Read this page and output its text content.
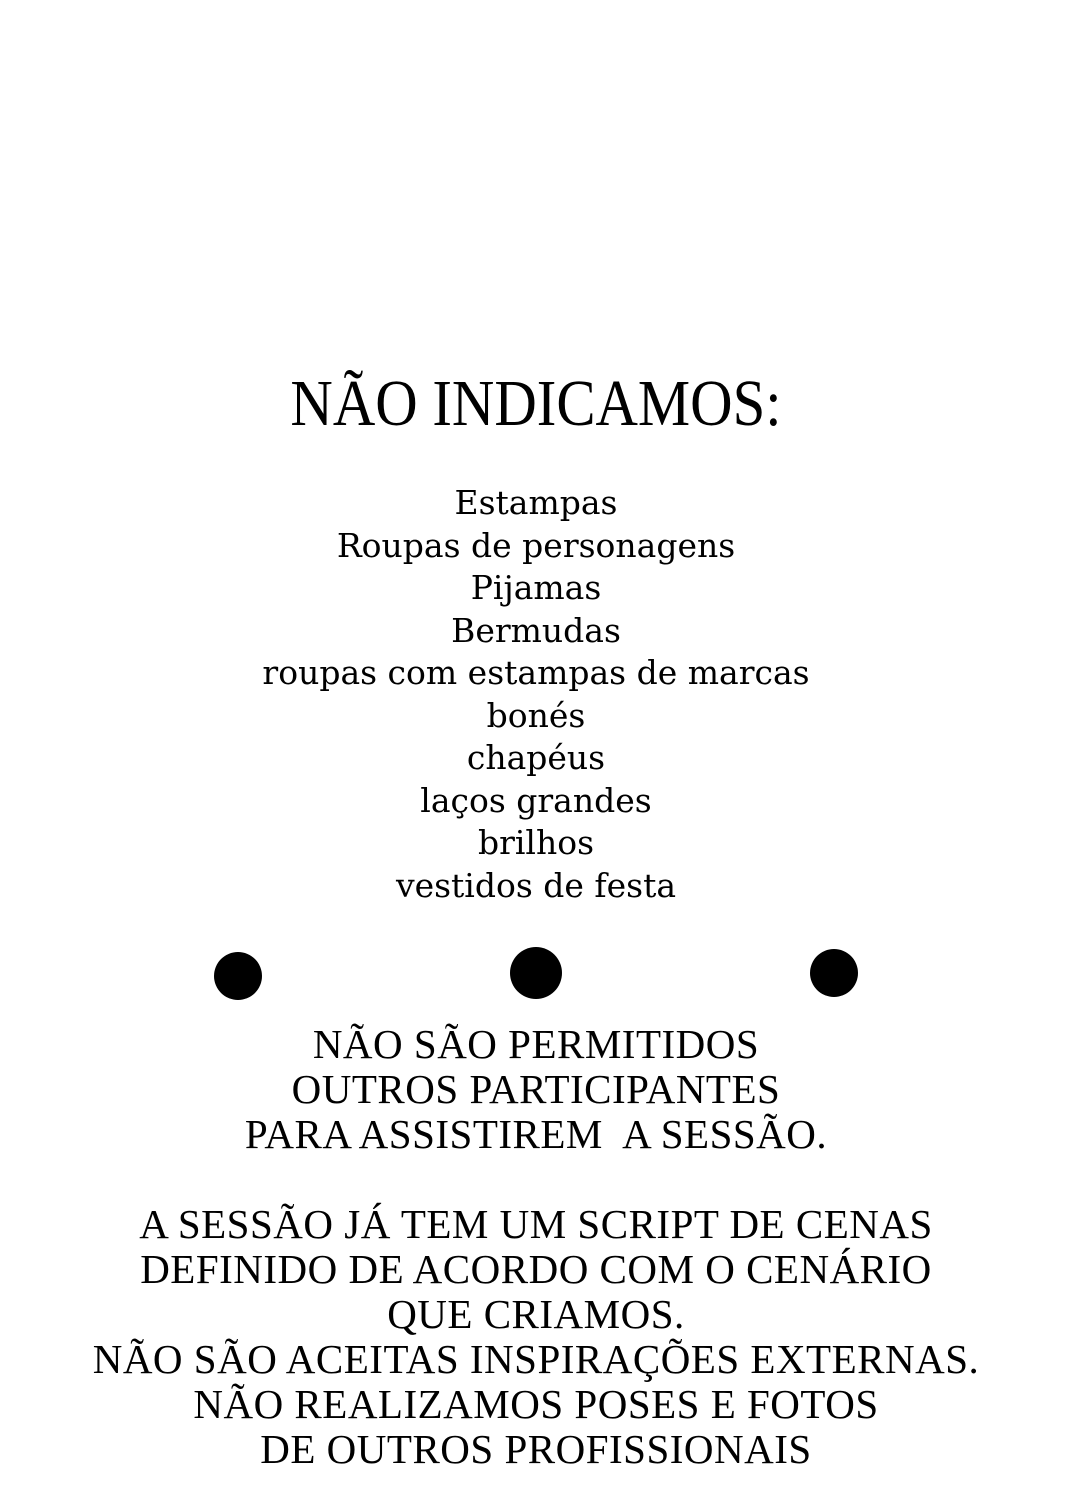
NÃO INDICAMOS:
Estampas
Roupas de personagens
Pijamas
Bermudas
roupas com estampas de marcas
bonés
chapéus
laços grandes
brilhos
vestidos de festa
NÃO SÃO PERMITIDOS
OUTROS PARTICIPANTES
PARA ASSISTIREM  A SESSÃO.
A SESSÃO JÁ TEM UM SCRIPT DE CENAS
DEFINIDO DE ACORDO COM O CENÁRIO
QUE CRIAMOS.
NÃO SÃO ACEITAS INSPIRAÇÕES EXTERNAS.
NÃO REALIZAMOS POSES E FOTOS
DE OUTROS PROFISSIONAIS
